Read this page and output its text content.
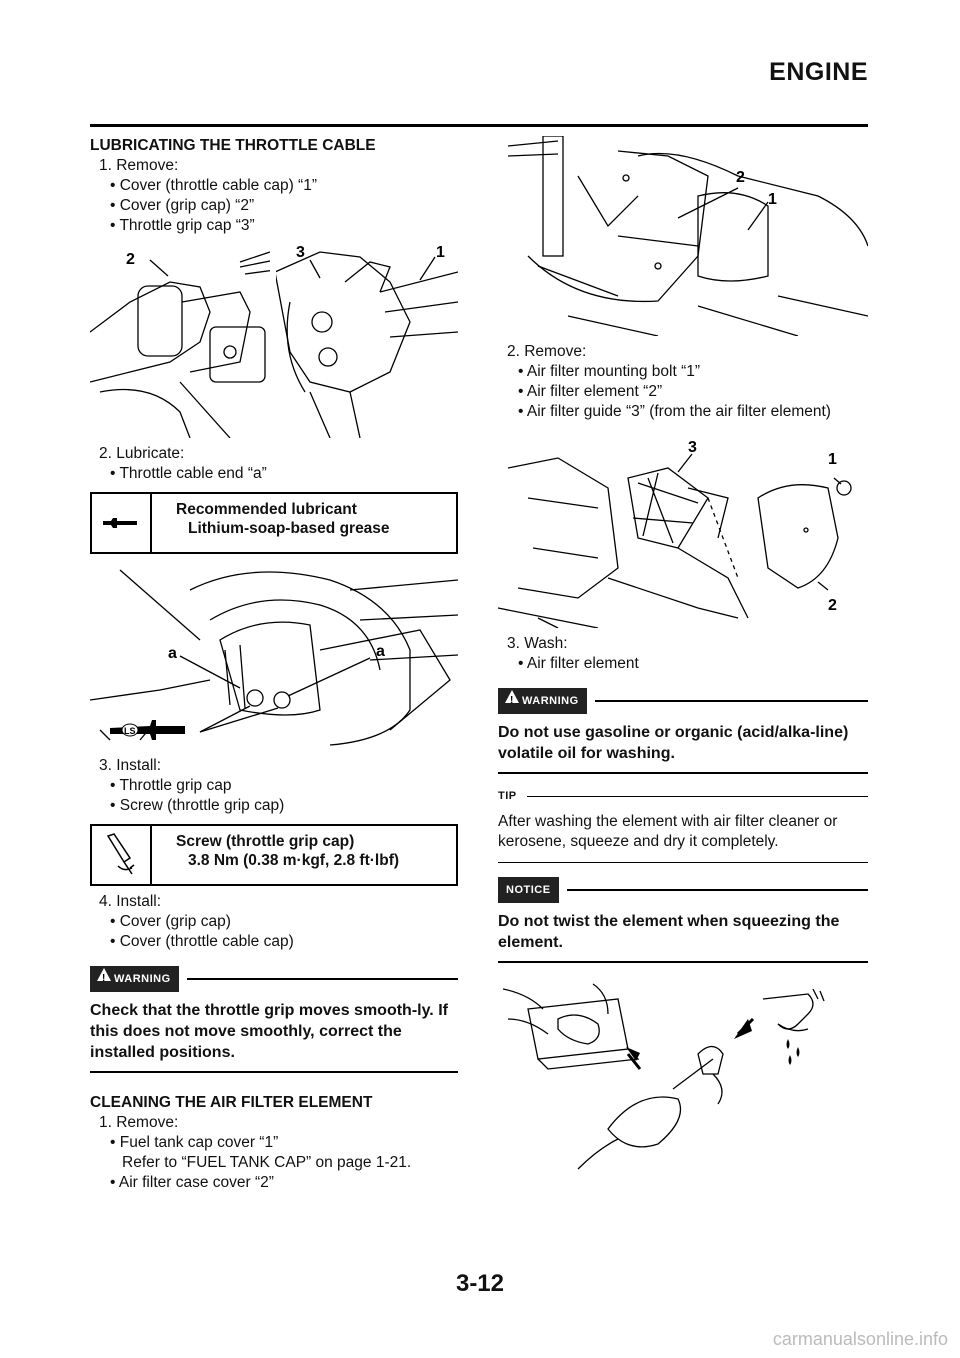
ENGINE
LUBRICATING THE THROTTLE CABLE
1. Remove:
• Cover (throttle cable cap) “1”
• Cover (grip cap) “2”
• Throttle grip cap “3”
2	3	1
2. Lubricate:
• Throttle cable end “a”
Recommended lubricant
Lithium-soap-based grease
LS
a	a
3. Install:
• Throttle grip cap
• Screw (throttle grip cap)
Screw (throttle grip cap)
3.8 Nm (0.38 m·kgf, 2.8 ft·lbf)
4. Install:
• Cover (grip cap)
• Cover (throttle cable cap)
! WARNING
Check that the throttle grip moves smooth-ly. If this does not move smoothly, correct the installed positions.
CLEANING THE AIR FILTER ELEMENT
1. Remove:
• Fuel tank cap cover “1”
Refer to “FUEL TANK CAP” on page 1-21.
• Air filter case cover “2”
2
1
2. Remove:
• Air filter mounting bolt “1”
• Air filter element “2”
• Air filter guide “3” (from the air filter element)
3
1
2
3. Wash:
• Air filter element
! WARNING
Do not use gasoline or organic (acid/alka-line) volatile oil for washing.
TIP
After washing the element with air filter cleaner or kerosene, squeeze and dry it completely.
NOTICE
Do not twist the element when squeezing the element.
3-12
carmanualsonline.info
